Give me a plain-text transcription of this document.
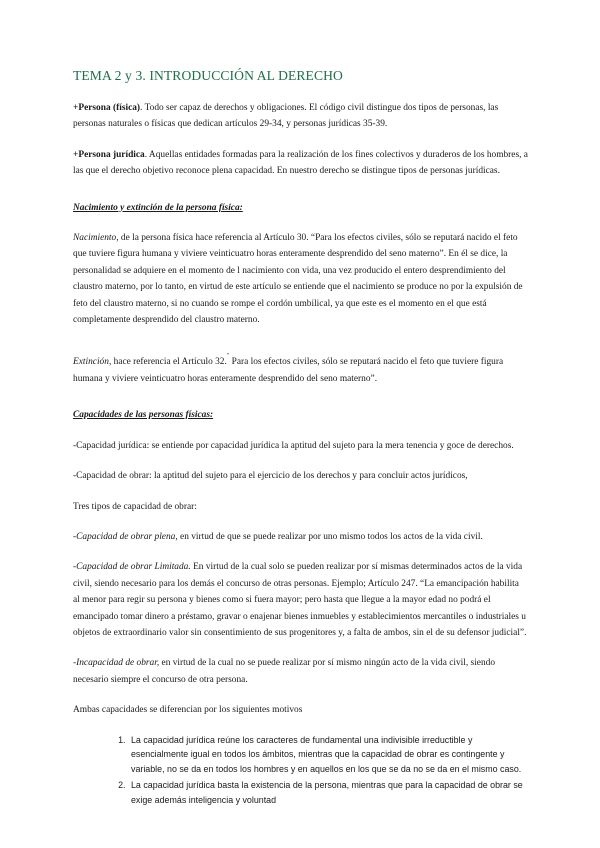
TEMA 2 y 3. INTRODUCCIÓN AL DERECHO

+Persona (física). Todo ser capaz de derechos y obligaciones. El código civil distingue dos tipos de personas, las personas naturales o físicas que dedican artículos 29-34, y personas jurídicas 35-39.

+Persona jurídica. Aquellas entidades formadas para la realización de los fines colectivos y duraderos de los hombres, a las que el derecho objetivo reconoce plena capacidad. En nuestro derecho se distingue tipos de personas jurídicas.

Nacimiento y extinción de la persona física:

Nacimiento, de la persona física hace referencia al Artículo 30. “Para los efectos civiles, sólo se reputará nacido el feto que tuviere figura humana y viviere veinticuatro horas enteramente desprendido del seno materno”. En él se dice, la personalidad se adquiere en el momento de l nacimiento con vida, una vez producido el entero desprendimiento del claustro materno, por lo tanto, en virtud de este artículo se entiende que el nacimiento se produce no por la expulsión de feto del claustro materno, si no cuando se rompe el cordón umbilical, ya que este es el momento en el que está completamente desprendido del claustro materno.

Extinción, hace referencia el Artículo 32." Para los efectos civiles, sólo se reputará nacido el feto que tuviere figura humana y viviere veinticuatro horas enteramente desprendido del seno materno”.

Capacidades de las personas físicas:

-Capacidad jurídica: se entiende por capacidad jurídica la aptitud del sujeto para la mera tenencia y goce de derechos.

-Capacidad de obrar: la aptitud del sujeto para el ejercicio de los derechos y para concluir actos jurídicos,

Tres tipos de capacidad de obrar:

-Capacidad de obrar plena, en virtud de que se puede realizar por uno mismo todos los actos de la vida civil.

-Capacidad de obrar Limitada. En virtud de la cual solo se pueden realizar por sí mismas determinados actos de la vida civil, siendo necesario para los demás el concurso de otras personas. Ejemplo; Artículo 247. “La emancipación habilita al menor para regir su persona y bienes como si fuera mayor; pero hasta que llegue a la mayor edad no podrá el emancipado tomar dinero a préstamo, gravar o enajenar bienes inmuebles y establecimientos mercantiles o industriales u objetos de extraordinario valor sin consentimiento de sus progenitores y, a falta de ambos, sin el de su defensor judicial”.

-Incapacidad de obrar, en virtud de la cual no se puede realizar por sí mismo ningún acto de la vida civil, siendo necesario siempre el concurso de otra persona.

Ambas capacidades se diferencian por los siguientes motivos

1. La capacidad jurídica reúne los caracteres de fundamental una indivisible irreductible y esencialmente igual en todos los ámbitos, mientras que la capacidad de obrar es contingente y variable, no se da en todos los hombres y en aquellos en los que se da no se da en el mismo caso.
2. La capacidad jurídica basta la existencia de la persona, mientras que para la capacidad de obrar se exige además inteligencia y voluntad
